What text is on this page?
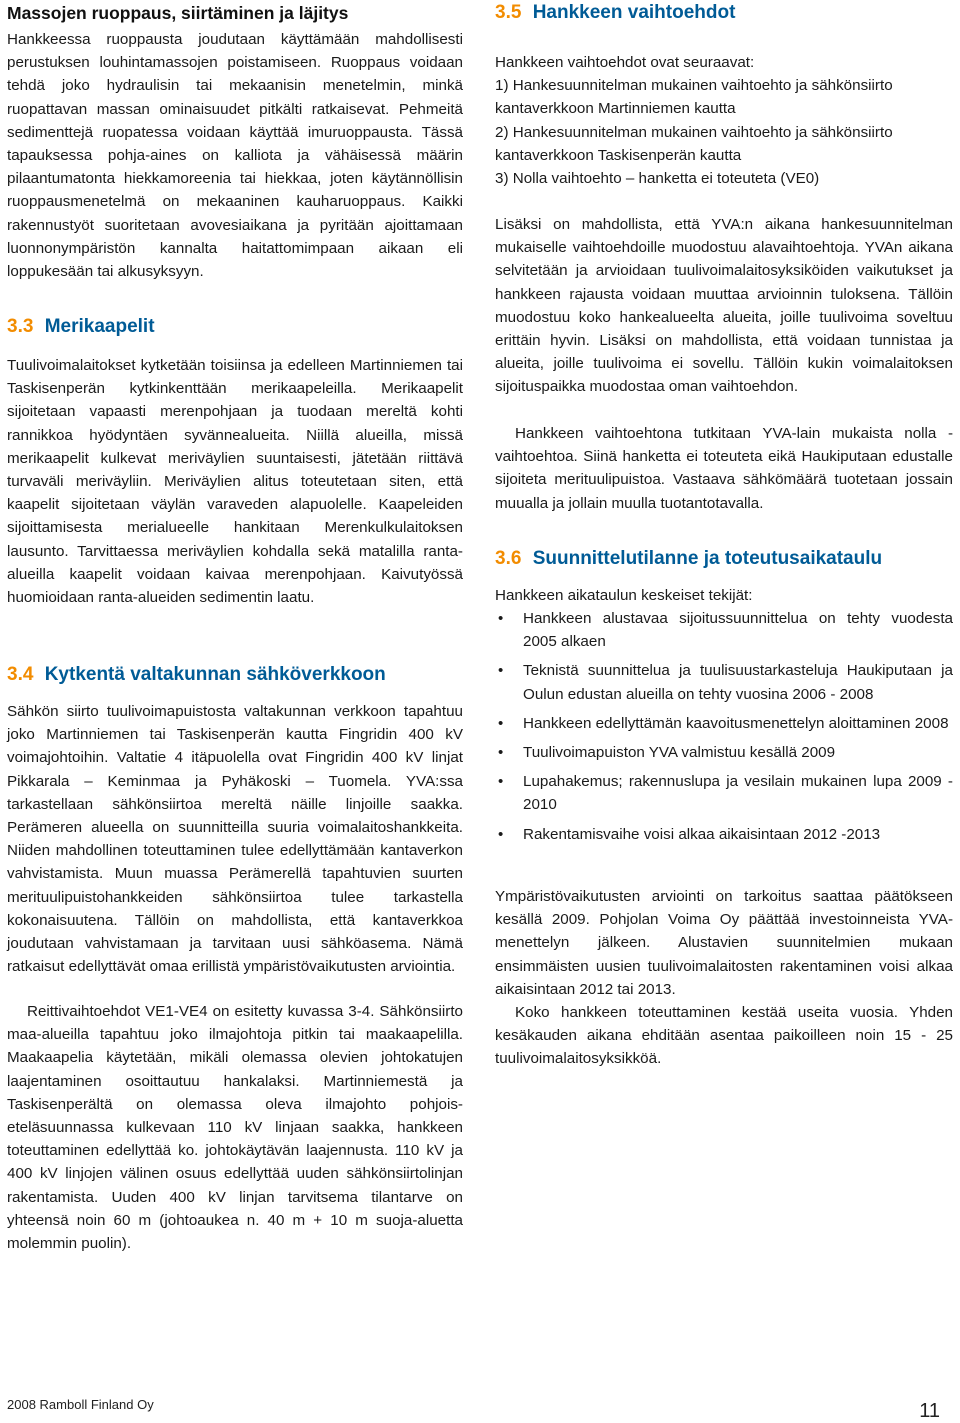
Massojen ruoppaus, siirtäminen ja läjitys

Hankkeessa ruoppausta joudutaan käyttämään mahdollisesti perustuksen louhintamassojen poistamiseen. Ruoppaus voidaan tehdä joko hydraulisin tai mekaanisin menetelmin, minkä ruopattavan massan ominaisuudet pitkälti ratkaisevat. Pehmeitä sedimenttejä ruopatessa voidaan käyttää imuruoppausta. Tässä tapauksessa pohja-aines on kalliota ja vähäisessä määrin pilaantumatonta hiekkamoreenia tai hiekkaa, joten käytännöllisin ruoppausmenetelmä on mekaaninen kauharuoppaus. Kaikki rakennustyöt suoritetaan avovesiaikana ja pyritään ajoittamaan luonnonympäristön kannalta haitattomimpaan aikaan eli loppukesään tai alkusyksyyn.

3.3 Merikaapelit

Tuulivoimalaitokset kytketään toisiinsa ja edelleen Martinniemen tai Taskisenperän kytkinkenttään merikaapeleilla. Merikaapelit sijoitetaan vapaasti merenpohjaan ja tuodaan mereltä kohti rannikkoa hyödyntäen syvännealueita. Niillä alueilla, missä merikaapelit kulkevat meriväylien suuntaisesti, jätetään riittävä turvaväli meriväyliin. Meriväylien alitus toteutetaan siten, että kaapelit sijoitetaan väylän varaveden alapuolelle. Kaapeleiden sijoittamisesta merialueelle hankitaan Merenkulkulaitoksen lausunto. Tarvittaessa meriväylien kohdalla sekä matalilla ranta-alueilla kaapelit voidaan kaivaa merenpohjaan. Kaivutyössä huomioidaan ranta-alueiden sedimentin laatu.

3.4 Kytkentä valtakunnan sähköverkkoon

Sähkön siirto tuulivoimapuistosta valtakunnan verkkoon tapahtuu joko Martinniemen tai Taskisenperän kautta Fingridin 400 kV voimajohtoihin. Valtatie 4 itäpuolella ovat Fingridin 400 kV linjat Pikkarala – Keminmaa ja Pyhäkoski – Tuomela. YVA:ssa tarkastellaan sähkönsiirtoa mereltä näille linjoille saakka. Perämeren alueella on suunnitteilla suuria voimalaitoshankkeita. Niiden mahdollinen toteuttaminen tulee edellyttämään kantaverkon vahvistamista. Muun muassa Perämerellä tapahtuvien suurten merituulipuistohankkeiden sähkönsiirtoa tulee tarkastella kokonaisuutena. Tällöin on mahdollista, että kantaverkkoa joudutaan vahvistamaan ja tarvitaan uusi sähköasema. Nämä ratkaisut edellyttävät omaa erillistä ympäristövaikutusten arviointia.

Reittivaihtoehdot VE1-VE4 on esitetty kuvassa 3-4. Sähkönsiirto maa-alueilla tapahtuu joko ilmajohtoja pitkin tai maakaapelilla. Maakaapelia käytetään, mikäli olemassa olevien johtokatujen laajentaminen osoittautuu hankalaksi. Martinniemestä ja Taskisenperältä on olemassa oleva ilmajohto pohjois-eteläsuunnassa kulkevaan 110 kV linjaan saakka, hankkeen toteuttaminen edellyttää ko. johtokäytävän laajennusta. 110 kV ja 400 kV linjojen välinen osuus edellyttää uuden sähkönsiirtolinjan rakentamista. Uuden 400 kV linjan tarvitsema tilantarve on yhteensä noin 60 m (johtoaukea n. 40 m + 10 m suoja-aluetta molemmin puolin).

3.5 Hankkeen vaihtoehdot

Hankkeen vaihtoehdot ovat seuraavat:

1) Hankesuunnitelman mukainen vaihtoehto ja sähkönsiirto kantaverkkoon Martinniemen kautta

2) Hankesuunnitelman mukainen vaihtoehto ja sähkönsiirto kantaverkkoon Taskisenperän kautta

3) Nolla vaihtoehto – hanketta ei toteuteta (VE0)

Lisäksi on mahdollista, että YVA:n aikana hankesuunnitelman mukaiselle vaihtoehdoille muodostuu alavaihtoehtoja. YVAn aikana selvitetään ja arvioidaan tuulivoimalaitosyksiköiden vaikutukset ja hankkeen rajausta voidaan muuttaa arvioinnin tuloksena. Tällöin muodostuu koko hankealueelta alueita, joille tuulivoima soveltuu erittäin hyvin. Lisäksi on mahdollista, että voidaan tunnistaa ja alueita, joille tuulivoima ei sovellu. Tällöin kukin voimalaitoksen sijoituspaikka muodostaa oman vaihtoehdon.

Hankkeen vaihtoehtona tutkitaan YVA-lain mukaista nolla -vaihtoehtoa. Siinä hanketta ei toteuteta eikä Haukiputaan edustalle sijoiteta merituulipuistoa. Vastaava sähkömäärä tuotetaan jossain muualla ja jollain muulla tuotantotavalla.

3.6 Suunnittelutilanne ja toteutusaikataulu

Hankkeen aikataulun keskeiset tekijät:

• Hankkeen alustavaa sijoitussuunnittelua on tehty vuodesta 2005 alkaen
• Teknistä suunnittelua ja tuulisuustarkasteluja Haukiputaan ja Oulun edustan alueilla on tehty vuosina 2006 - 2008
• Hankkeen edellyttämän kaavoitusmenettelyn aloittaminen 2008
• Tuulivoimapuiston YVA valmistuu kesällä 2009
• Lupahakemus; rakennuslupa ja vesilain mukainen lupa 2009 - 2010
• Rakentamisvaihe voisi alkaa aikaisintaan 2012 -2013

Ympäristövaikutusten arviointi on tarkoitus saattaa päätökseen kesällä 2009. Pohjolan Voima Oy päättää investoinneista YVA-menettelyn jälkeen. Alustavien suunnitelmien mukaan ensimmäisten uusien tuulivoimalaitosten rakentaminen voisi alkaa aikaisintaan 2012 tai 2013.

Koko hankkeen toteuttaminen kestää useita vuosia. Yhden kesäkauden aikana ehditään asentaa paikoilleen noin 15 - 25 tuulivoimalaitosyksikköä.

2008 Ramboll Finland Oy	11
